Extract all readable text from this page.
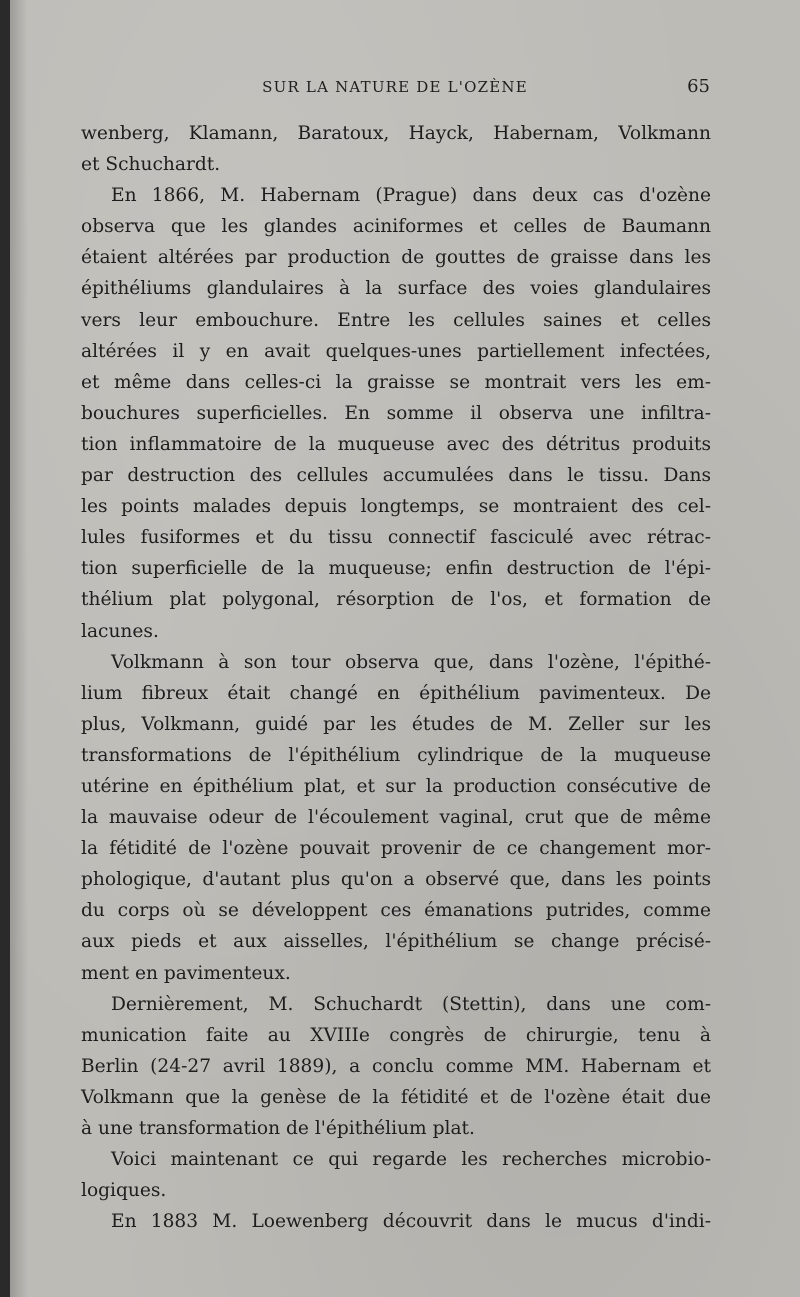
SUR LA NATURE DE L'OZÈNE	65
wenberg, Klamann, Baratoux, Hayck, Habernam, Volkmann
et Schuchardt.
En 1866, M. Habernam (Prague) dans deux cas d'ozène
observa que les glandes aciniformes et celles de Baumann
étaient altérées par production de gouttes de graisse dans les
épithéliums glandulaires à la surface des voies glandulaires
vers leur embouchure. Entre les cellules saines et celles
altérées il y en avait quelques-unes partiellement infectées,
et même dans celles-ci la graisse se montrait vers les em-
bouchures superficielles. En somme il observa une infiltra-
tion inflammatoire de la muqueuse avec des détritus produits
par destruction des cellules accumulées dans le tissu. Dans
les points malades depuis longtemps, se montraient des cel-
lules fusiformes et du tissu connectif fasciculé avec rétrac-
tion superficielle de la muqueuse; enfin destruction de l'épi-
thélium plat polygonal, résorption de l'os, et formation de
lacunes.
Volkmann à son tour observa que, dans l'ozène, l'épithé-
lium fibreux était changé en épithélium pavimenteux. De
plus, Volkmann, guidé par les études de M. Zeller sur les
transformations de l'épithélium cylindrique de la muqueuse
utérine en épithélium plat, et sur la production consécutive de
la mauvaise odeur de l'écoulement vaginal, crut que de même
la fétidité de l'ozène pouvait provenir de ce changement mor-
phologique, d'autant plus qu'on a observé que, dans les points
du corps où se développent ces émanations putrides, comme
aux pieds et aux aisselles, l'épithélium se change précisé-
ment en pavimenteux.
Dernièrement, M. Schuchardt (Stettin), dans une com-
munication faite au XVIIIe congrès de chirurgie, tenu à
Berlin (24-27 avril 1889), a conclu comme MM. Habernam et
Volkmann que la genèse de la fétidité et de l'ozène était due
à une transformation de l'épithélium plat.
Voici maintenant ce qui regarde les recherches microbio-
logiques.
En 1883 M. Loewenberg découvrit dans le mucus d'indi-
